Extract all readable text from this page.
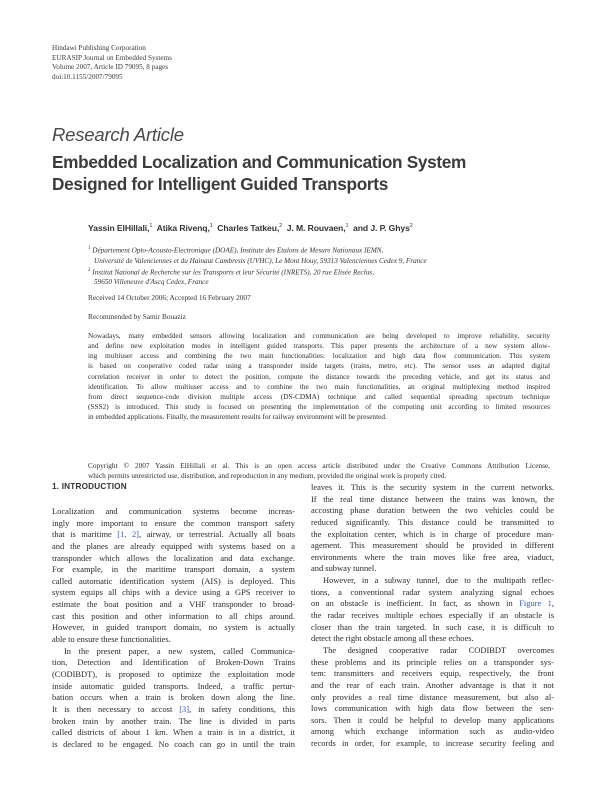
Hindawi Publishing Corporation
EURASIP Journal on Embedded Systems
Volume 2007, Article ID 79095, 8 pages
doi:10.1155/2007/79095
Research Article
Embedded Localization and Communication System
Designed for Intelligent Guided Transports
Yassin ElHillali,$^1$ Atika Rivenq,$^1$ Charles Tatkeu,$^2$ J. M. Rouvaen,$^1$ and J. P. Ghys$^2$
$^1$ Département Opto-Acousto-Electronique (DOAE), Institute des Etalons de Mesure Nationaux IEMN,
Université de Valenciennes et du Hainaut Cambresis (UVHC), Le Mont Houy, 59313 Valenciennes Cedex 9, France
$^2$ Institut National de Recherche sur les Transports et leur Sécurité (INRETS), 20 rue Elisée Reclus,
59650 Villeneuve d'Ascq Cedex, France
Received 14 October 2006; Accepted 16 February 2007
Recommended by Samir Bouaziz
Nowadays, many embedded sensors allowing localization and communication are being developed to improve reliability, security
and define new exploitation modes in intelligent guided transports. This paper presents the architecture of a new system allow-
ing multiuser access and combining the two main functionalities: localization and high data flow communication. This system
is based on cooperative coded radar using a transponder inside targets (trains, metro, etc). The sensor uses an adapted digital
correlation receiver in order to detect the position, compute the distance towards the preceding vehicle, and get its status and
identification. To allow multiuser access and to combine the two main functionalities, an original multiplexing method inspired
from direct sequence-code division multiple access (DS-CDMA) technique and called sequential spreading spectrum technique
(SSS2) is introduced. This study is focused on presenting the implementation of the computing unit according to limited resources
in embedded applications. Finally, the measurement results for railway environment will be presented.
Copyright © 2007 Yassin ElHillali et al. This is an open access article distributed under the Creative Commons Attribution License,
which permits unrestricted use, distribution, and reproduction in any medium, provided the original work is properly cited.
1. INTRODUCTION
Localization and communication systems become increas-
ingly more important to ensure the common transport safety
that is maritime [1, 2], airway, or terrestrial. Actually all boats
and the planes are already equipped with systems based on a
transponder which allows the localization and data exchange.
For example, in the maritime transport domain, a system
called automatic identification system (AIS) is deployed. This
system equips all chips with a device using a GPS receiver to
estimate the boat position and a VHF transponder to broad-
cast this position and other information to all chips around.
However, in guided transport domain, no system is actually
able to ensure these functionalities.
In the present paper, a new system, called Communica-
tion, Detection and Identification of Broken-Down Trains
(CODIBDT), is proposed to optimize the exploitation mode
inside automatic guided transports. Indeed, a traffic pertur-
bation occurs when a train is broken down along the line.
It is then necessary to accost [3], in safety conditions, this
broken train by another train. The line is divided in parts
called districts of about 1 km. When a train is in a district, it
is declared to be engaged. No coach can go in until the train
leaves it. This is the security system in the current networks.
If the real time distance between the trains was known, the
accosting phase duration between the two vehicles could be
reduced significantly. This distance could be transmitted to
the exploitation center, which is in charge of procedure man-
agement. This measurement should be provided in different
environments where the train moves like free area, viaduct,
and subway tunnel.
However, in a subway tunnel, due to the multipath reflec-
tions, a conventional radar system analyzing signal echoes
on an obstacle is inefficient. In fact, as shown in Figure 1,
the radar receives multiple echoes especially if an obstacle is
closer than the train targeted. In such case, it is difficult to
detect the right obstacle among all these echoes.
The designed cooperative radar CODIBDT overcomes
these problems and its principle relies on a transponder sys-
tem: transmitters and receivers equip, respectively, the front
and the rear of each train. Another advantage is that it not
only provides a real time distance measurement, but also al-
lows communication with high data flow between the sen-
sors. Then it could be helpful to develop many applications
among which exchange information such as audio-video
records in order, for example, to increase security feeling and
